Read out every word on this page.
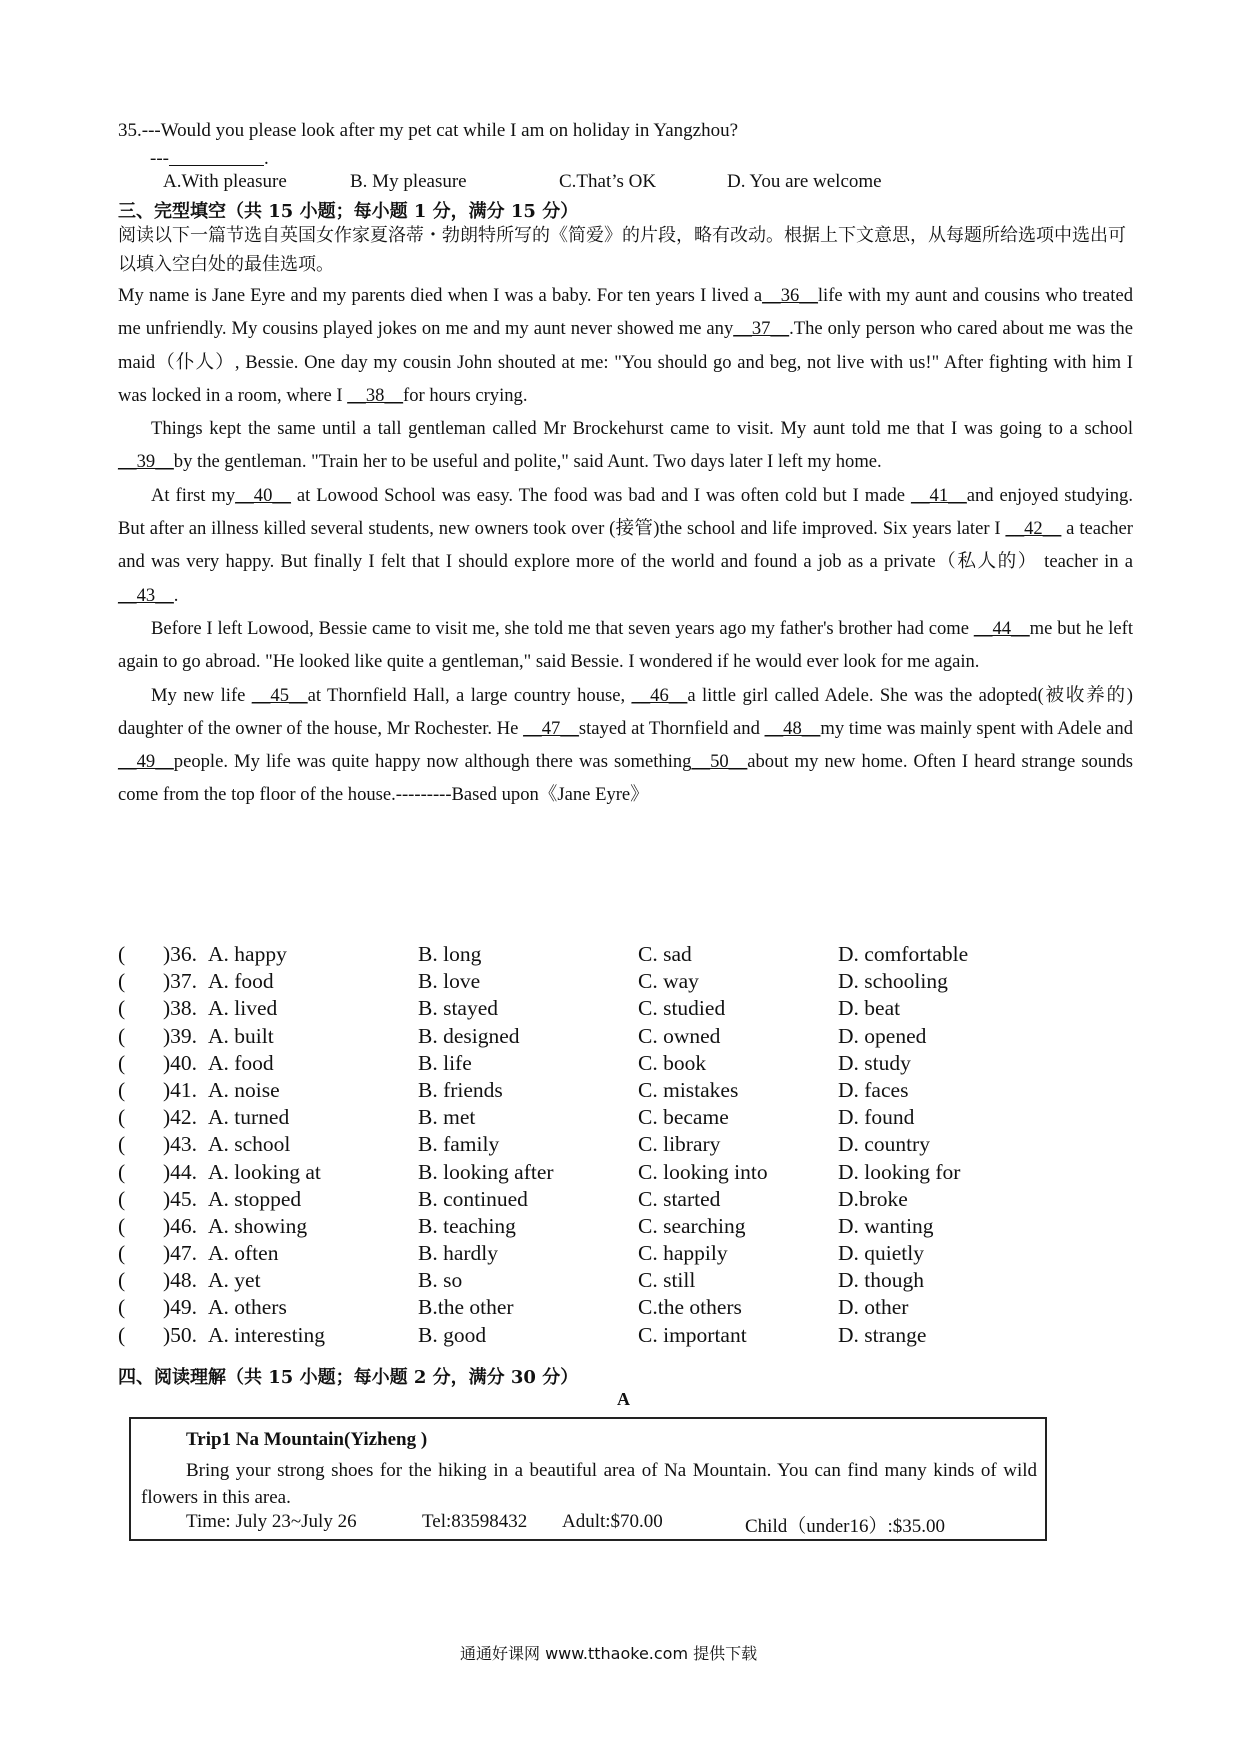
35.---Would you please look after my pet cat while I am on holiday in Yangzhou?
---	.
A.With pleasure	B. My pleasure	C.That’s OK	D. You are welcome
三、完型填空（共 15 小题；每小题 1 分，满分 15 分）
阅读以下一篇节选自英国女作家夏洛蒂・勃朗特所写的《简爱》的片段，略有改动。根据上下文意思，从每题所给选项中选出可以填入空白处的最佳选项。

My name is Jane Eyre and my parents died when I was a baby. For ten years I lived a__36__life with my aunt and cousins who treated me unfriendly. My cousins played jokes on me and my aunt never showed me any__37__.The only person who cared about me was the maid（仆人）, Bessie. One day my cousin John shouted at me: "You should go and beg, not live with us!" After fighting with him I was locked in a room, where I __38__for hours crying.

Things kept the same until a tall gentleman called Mr Brockehurst came to visit. My aunt told me that I was going to a school __39__by the gentleman. "Train her to be useful and polite," said Aunt. Two days later I left my home.

At first my__40__ at Lowood School was easy. The food was bad and I was often cold but I made __41__and enjoyed studying. But after an illness killed several students, new owners took over (接管)the school and life improved. Six years later I __42__ a teacher and was very happy. But finally I felt that I should explore more of the world and found a job as a private（私人的） teacher in a __43__.

Before I left Lowood, Bessie came to visit me, she told me that seven years ago my father's brother had come __44__me but he left again to go abroad. "He looked like quite a gentleman," said Bessie. I wondered if he would ever look for me again.

My new life __45__at Thornfield Hall, a large country house, __46__a little girl called Adele. She was the adopted(被收养的) daughter of the owner of the house, Mr Rochester. He __47__stayed at Thornfield and __48__my time was mainly spent with Adele and __49__people. My life was quite happy now although there was something__50__about my new home. Often I heard strange sounds come from the top floor of the house.---------Based upon《Jane Eyre》

( )36. A. happy	B. long	C. sad	D. comfortable
( )37. A. food	B. love	C. way	D. schooling
( )38. A. lived	B. stayed	C. studied	D. beat
( )39. A. built	B. designed	C. owned	D. opened
( )40. A. food	B. life	C. book	D. study
( )41. A. noise	B. friends	C. mistakes	D. faces
( )42. A. turned	B. met	C. became	D. found
( )43. A. school	B. family	C. library	D. country
( )44. A. looking at	B. looking after	C. looking into	D. looking for
( )45. A. stopped	B. continued	C. started	D.broke
( )46. A. showing	B. teaching	C. searching	D. wanting
( )47. A. often	B. hardly	C. happily	D. quietly
( )48. A. yet	B. so	C. still	D. though
( )49. A. others	B.the other	C.the others	D. other
( )50. A. interesting	B. good	C. important	D. strange
四、阅读理解（共 15 小题；每小题 2 分，满分 30 分）
A
Trip1 Na Mountain(Yizheng )
Bring your strong shoes for the hiking in a beautiful area of Na Mountain. You can find many kinds of wild flowers in this area.
Time: July 23~July 26	Tel:83598432 Adult:$70.00	Child（under16）:$35.00
通通好课网 www.tthaoke.com 提供下载
